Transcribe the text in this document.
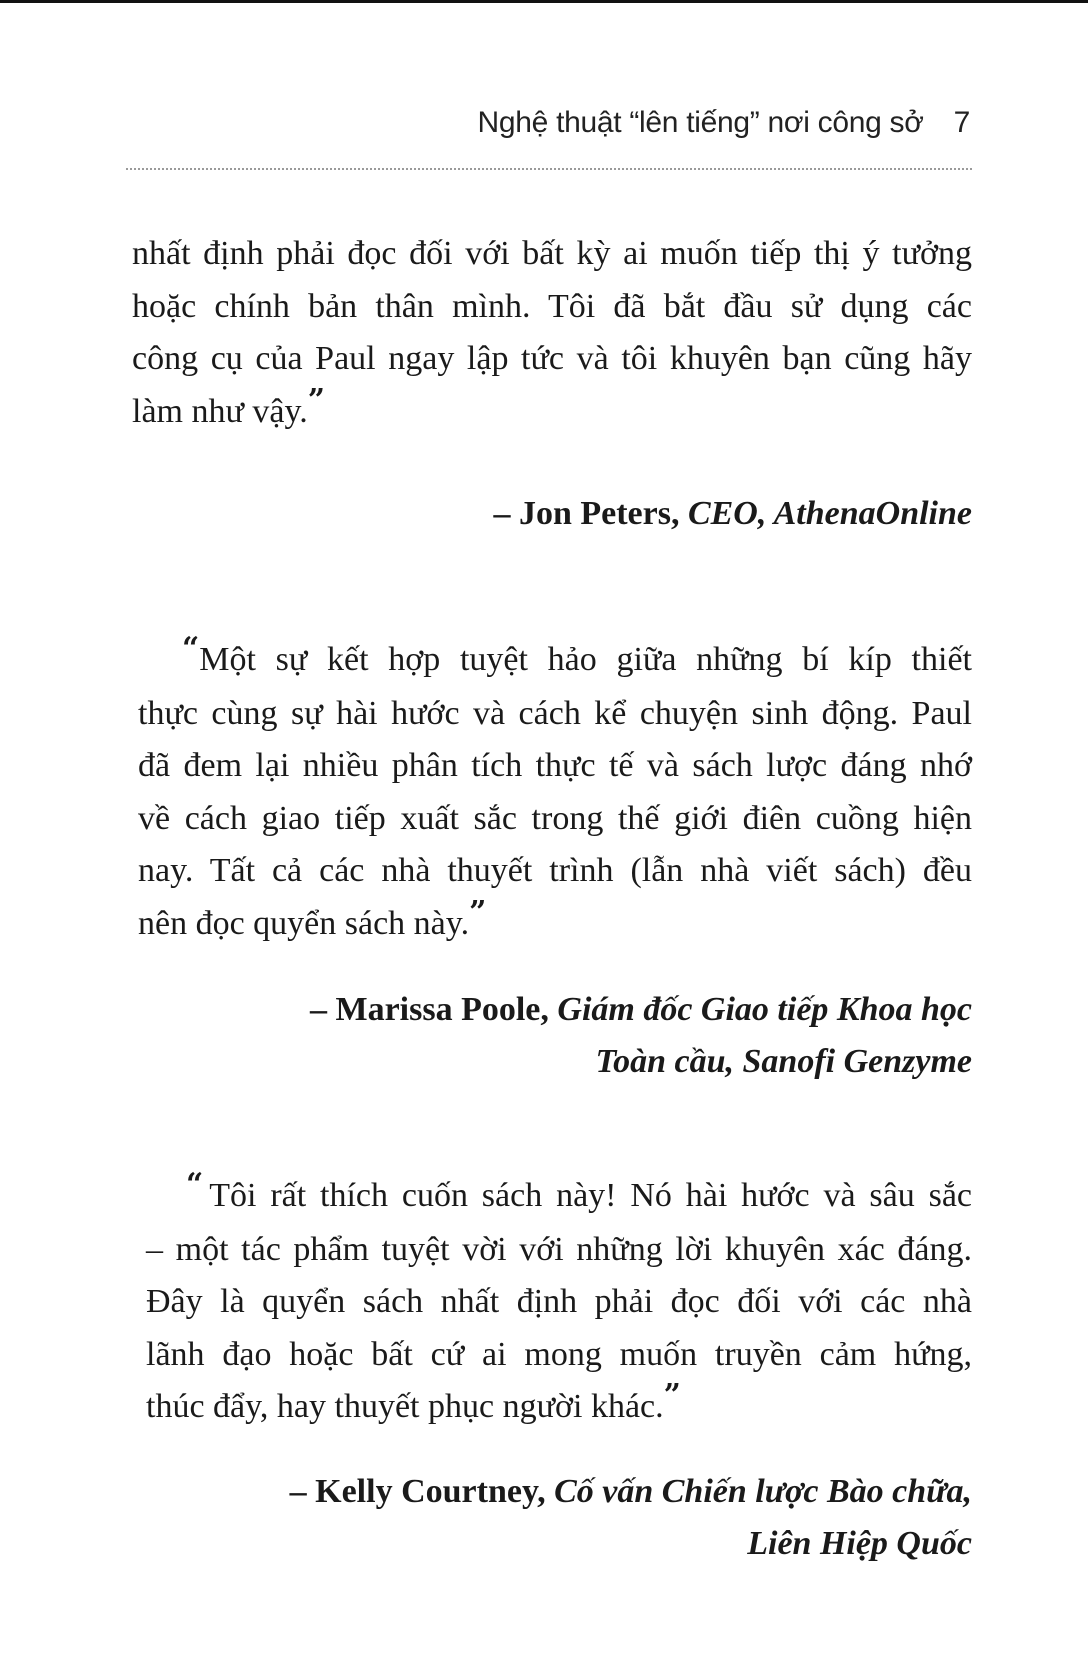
Nghệ thuật “lên tiếng” nơi công sở 7
nhất định phải đọc đối với bất kỳ ai muốn tiếp thị ý tưởng
hoặc chính bản thân mình. Tôi đã bắt đầu sử dụng các
công cụ của Paul ngay lập tức và tôi khuyên bạn cũng hãy
làm như vậy.”
– Jon Peters, CEO, AthenaOnline
“Một sự kết hợp tuyệt hảo giữa những bí kíp thiết
thực cùng sự hài hước và cách kể chuyện sinh động. Paul
đã đem lại nhiều phân tích thực tế và sách lược đáng nhớ
về cách giao tiếp xuất sắc trong thế giới điên cuồng hiện
nay. Tất cả các nhà thuyết trình (lẫn nhà viết sách) đều
nên đọc quyển sách này.”
– Marissa Poole, Giám đốc Giao tiếp Khoa học
Toàn cầu, Sanofi Genzyme
“ Tôi rất thích cuốn sách này! Nó hài hước và sâu sắc
– một tác phẩm tuyệt vời với những lời khuyên xác đáng.
Đây là quyển sách nhất định phải đọc đối với các nhà
lãnh đạo hoặc bất cứ ai mong muốn truyền cảm hứng,
thúc đẩy, hay thuyết phục người khác.”
– Kelly Courtney, Cố vấn Chiến lược Bào chữa,
Liên Hiệp Quốc
